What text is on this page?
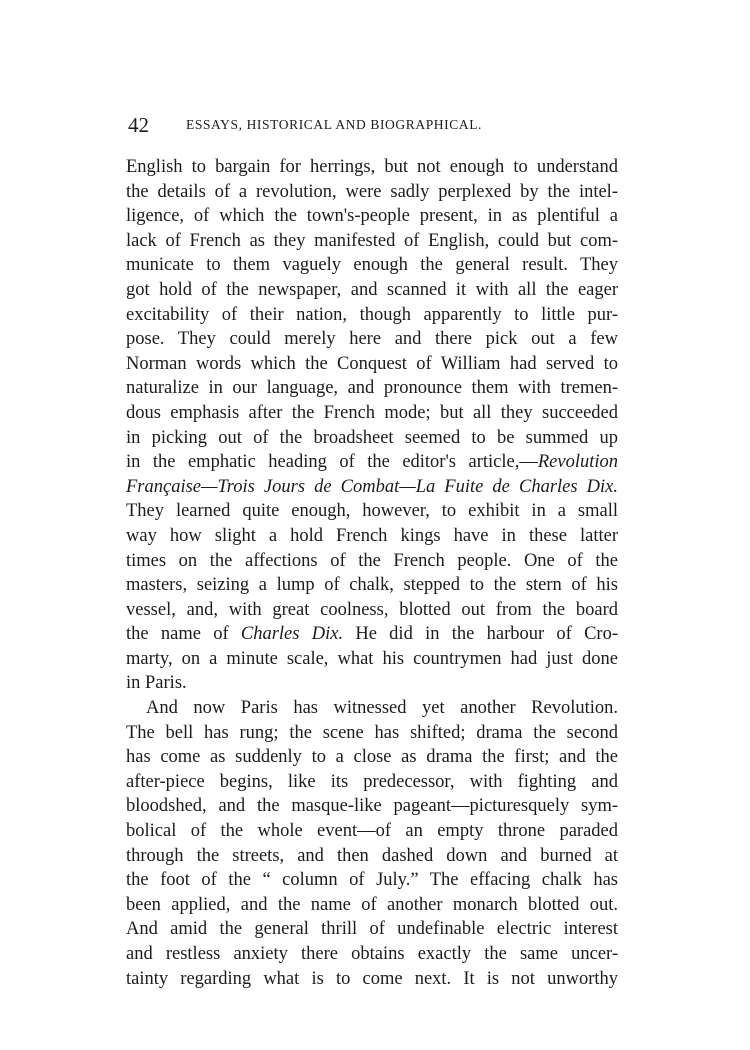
42	ESSAYS, HISTORICAL AND BIOGRAPHICAL.
English to bargain for herrings, but not enough to understand
the details of a revolution, were sadly perplexed by the intel-
ligence, of which the town's-people present, in as plentiful a
lack of French as they manifested of English, could but com-
municate to them vaguely enough the general result. They
got hold of the newspaper, and scanned it with all the eager
excitability of their nation, though apparently to little pur-
pose. They could merely here and there pick out a few
Norman words which the Conquest of William had served to
naturalize in our language, and pronounce them with tremen-
dous emphasis after the French mode; but all they succeeded
in picking out of the broadsheet seemed to be summed up
in the emphatic heading of the editor's article,—Revolution
Française—Trois Jours de Combat—La Fuite de Charles Dix.
They learned quite enough, however, to exhibit in a small
way how slight a hold French kings have in these latter
times on the affections of the French people. One of the
masters, seizing a lump of chalk, stepped to the stern of his
vessel, and, with great coolness, blotted out from the board
the name of Charles Dix. He did in the harbour of Cro-
marty, on a minute scale, what his countrymen had just done
in Paris.
And now Paris has witnessed yet another Revolution.
The bell has rung; the scene has shifted; drama the second
has come as suddenly to a close as drama the first; and the
after-piece begins, like its predecessor, with fighting and
bloodshed, and the masque-like pageant—picturesquely sym-
bolical of the whole event—of an empty throne paraded
through the streets, and then dashed down and burned at
the foot of the “ column of July.” The effacing chalk has
been applied, and the name of another monarch blotted out.
And amid the general thrill of undefinable electric interest
and restless anxiety there obtains exactly the same uncer-
tainty regarding what is to come next. It is not unworthy
